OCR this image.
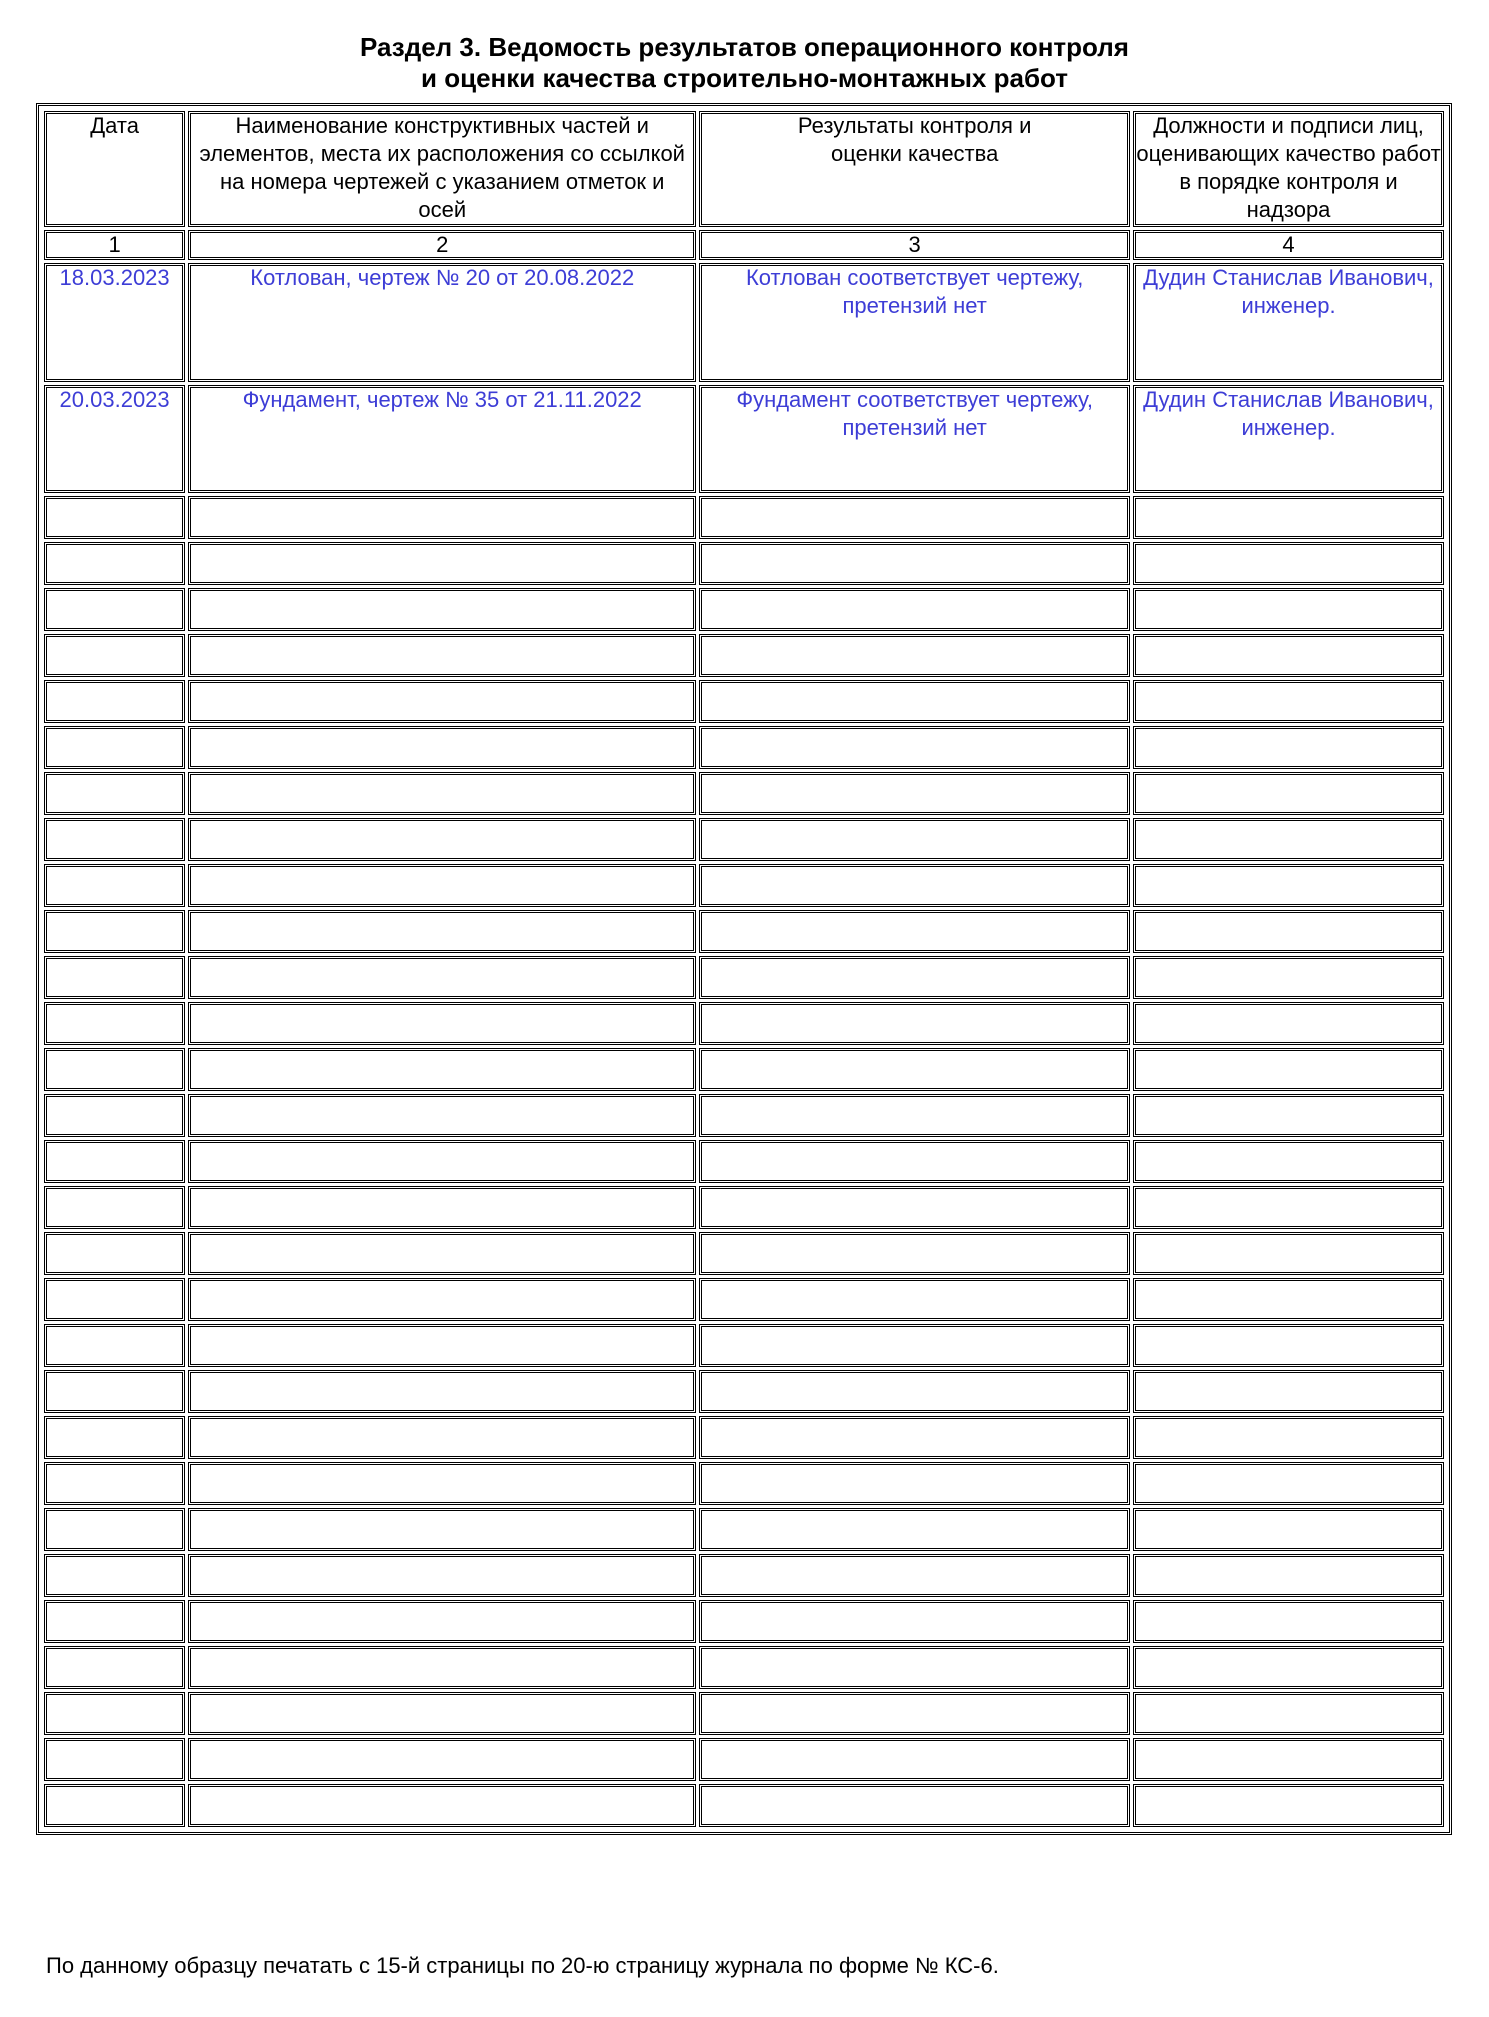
Раздел 3. Ведомость результатов операционного контроля
и оценки качества строительно-монтажных работ
Дата	Наименование конструктивных частей и элементов, места их расположения со ссылкой на номера чертежей с указанием отметок и осей	Результаты контроля и оценки качества	Должности и подписи лиц, оценивающих качество работ в порядке контроля и надзора
1	2	3	4
18.03.2023	Котлован, чертеж № 20 от 20.08.2022	Котлован соответствует чертежу, претензий нет	Дудин Станислав Иванович, инженер.
20.03.2023	Фундамент, чертеж № 35 от 21.11.2022	Фундамент соответствует чертежу, претензий нет	Дудин Станислав Иванович, инженер.

По данному образцу печатать с 15-й страницы по 20-ю страницу журнала по форме № КС-6.
